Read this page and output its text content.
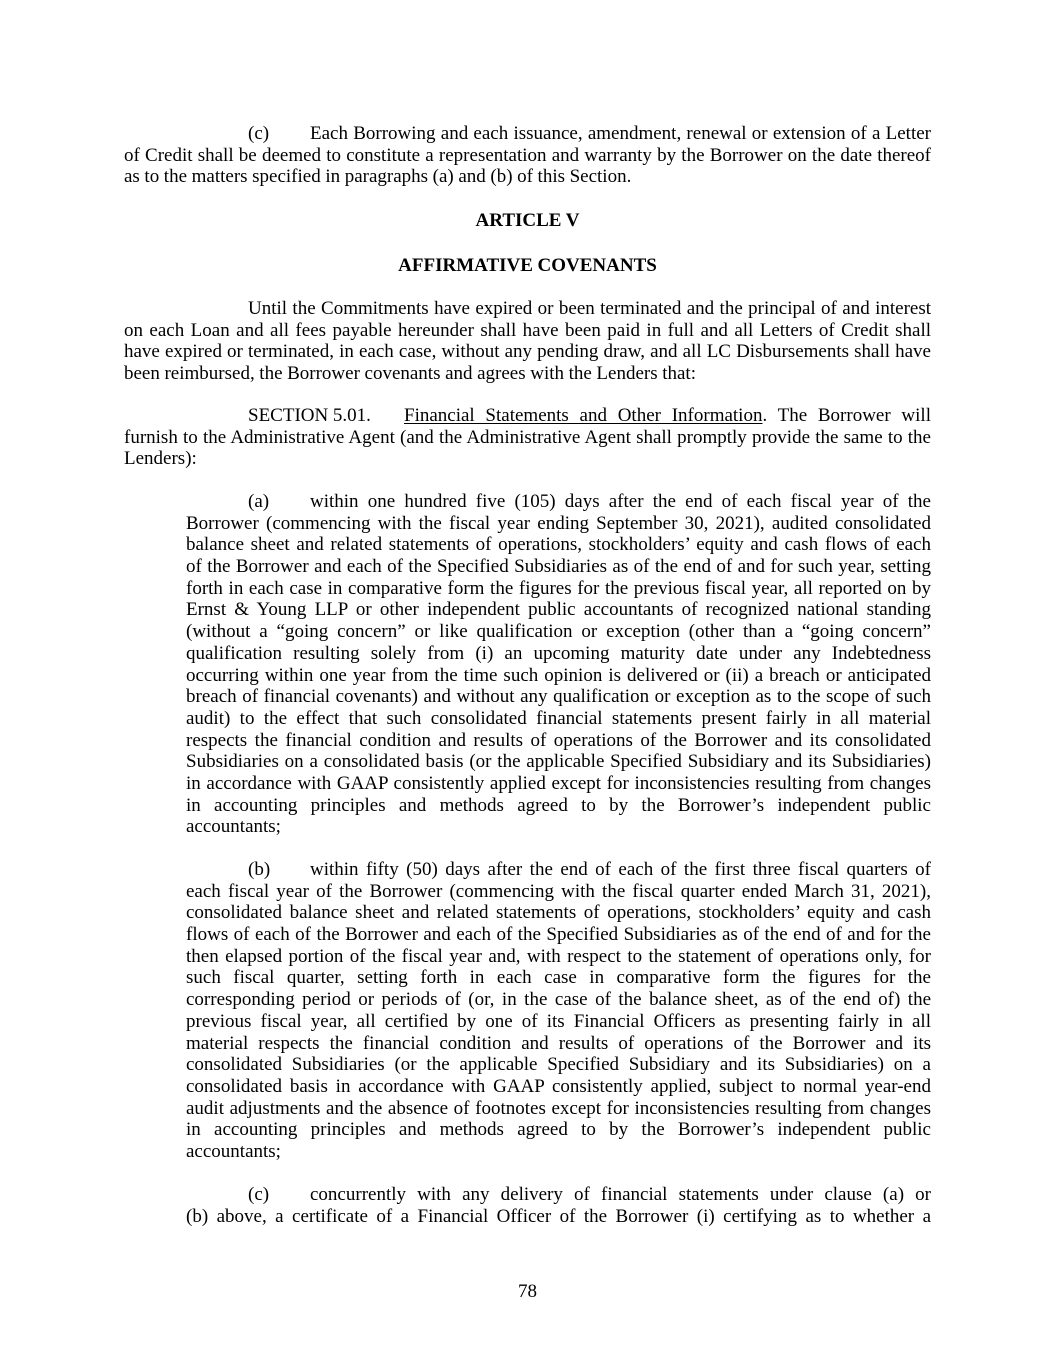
(c)	Each Borrowing and each issuance, amendment, renewal or extension of a Letter
of Credit shall be deemed to constitute a representation and warranty by the Borrower on the date thereof
as to the matters specified in paragraphs (a) and (b) of this Section.
ARTICLE V
AFFIRMATIVE COVENANTS
Until the Commitments have expired or been terminated and the principal of and interest
on each Loan and all fees payable hereunder shall have been paid in full and all Letters of Credit shall
have expired or terminated, in each case, without any pending draw, and all LC Disbursements shall have
been reimbursed, the Borrower covenants and agrees with the Lenders that:
SECTION 5.01.	Financial Statements and Other Information. The Borrower will
furnish to the Administrative Agent (and the Administrative Agent shall promptly provide the same to the
Lenders):
(a)	within one hundred five (105) days after the end of each fiscal year of the
Borrower (commencing with the fiscal year ending September 30, 2021), audited consolidated
balance sheet and related statements of operations, stockholders’ equity and cash flows of each
of the Borrower and each of the Specified Subsidiaries as of the end of and for such year, setting
forth in each case in comparative form the figures for the previous fiscal year, all reported on by
Ernst & Young LLP or other independent public accountants of recognized national standing
(without a “going concern” or like qualification or exception (other than a “going concern”
qualification resulting solely from (i) an upcoming maturity date under any Indebtedness
occurring within one year from the time such opinion is delivered or (ii) a breach or anticipated
breach of financial covenants) and without any qualification or exception as to the scope of such
audit) to the effect that such consolidated financial statements present fairly in all material
respects the financial condition and results of operations of the Borrower and its consolidated
Subsidiaries on a consolidated basis (or the applicable Specified Subsidiary and its Subsidiaries)
in accordance with GAAP consistently applied except for inconsistencies resulting from changes
in accounting principles and methods agreed to by the Borrower’s independent public
accountants;
(b)	within fifty (50) days after the end of each of the first three fiscal quarters of
each fiscal year of the Borrower (commencing with the fiscal quarter ended March 31, 2021),
consolidated balance sheet and related statements of operations, stockholders’ equity and cash
flows of each of the Borrower and each of the Specified Subsidiaries as of the end of and for the
then elapsed portion of the fiscal year and, with respect to the statement of operations only, for
such fiscal quarter, setting forth in each case in comparative form the figures for the
corresponding period or periods of (or, in the case of the balance sheet, as of the end of) the
previous fiscal year, all certified by one of its Financial Officers as presenting fairly in all
material respects the financial condition and results of operations of the Borrower and its
consolidated Subsidiaries (or the applicable Specified Subsidiary and its Subsidiaries) on a
consolidated basis in accordance with GAAP consistently applied, subject to normal year-end
audit adjustments and the absence of footnotes except for inconsistencies resulting from changes
in accounting principles and methods agreed to by the Borrower’s independent public
accountants;
(c)	concurrently with any delivery of financial statements under clause (a) or
(b) above, a certificate of a Financial Officer of the Borrower (i) certifying as to whether a
78
